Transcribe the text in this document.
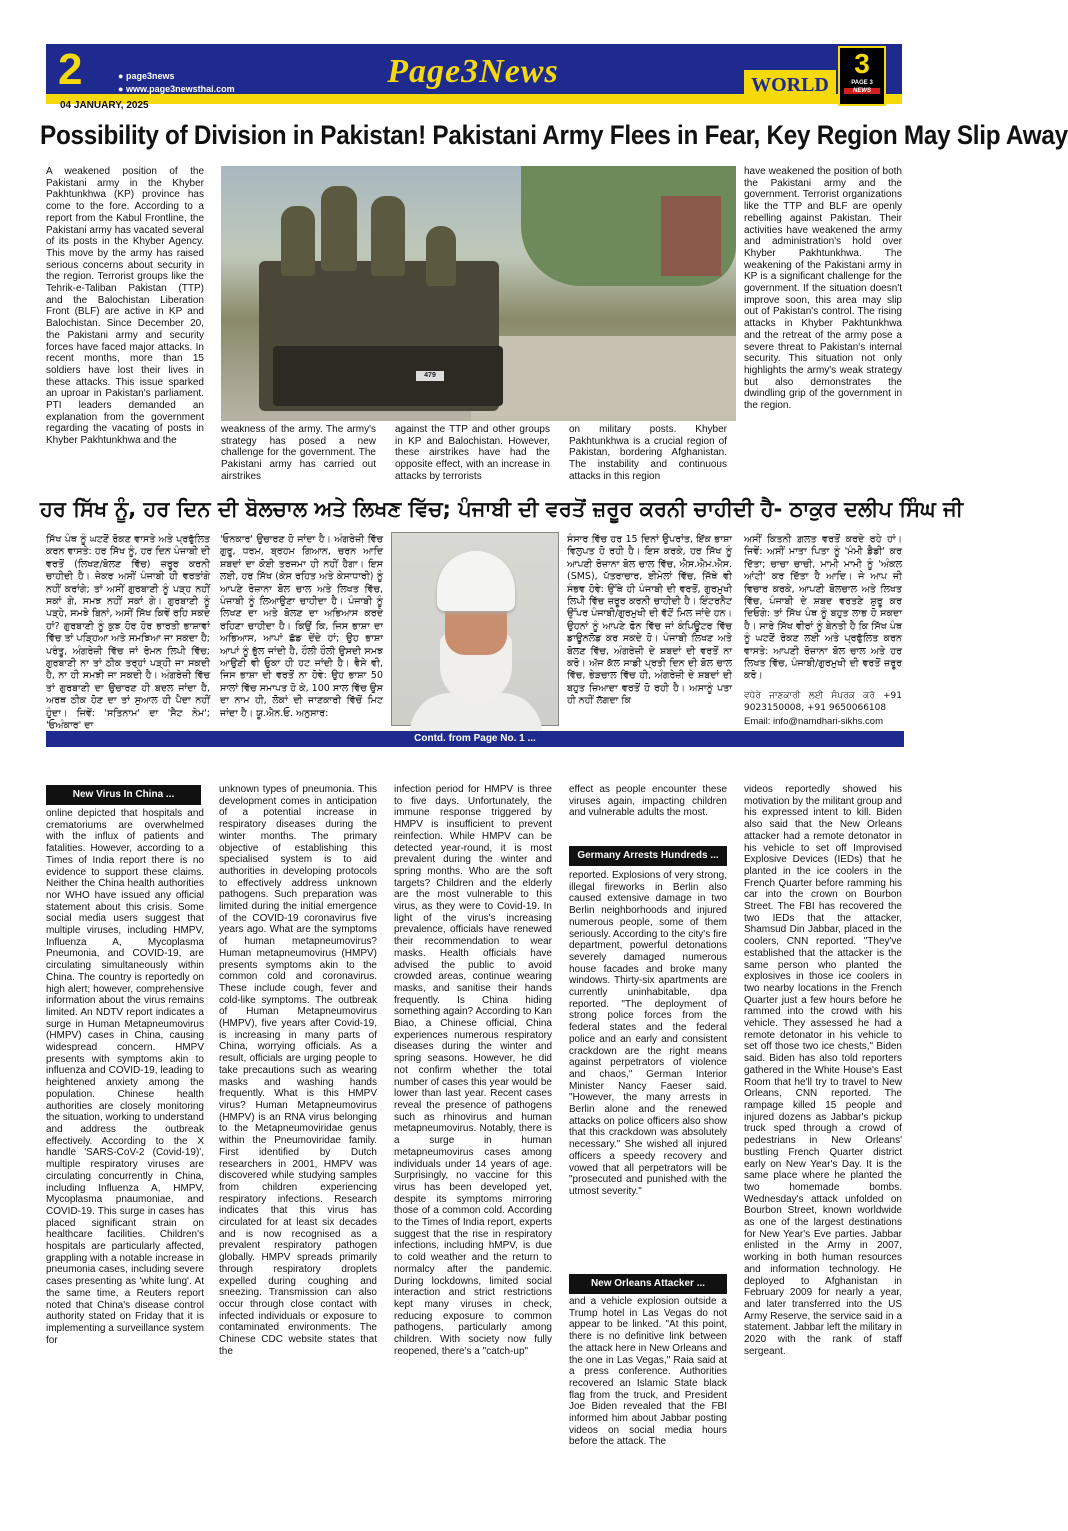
2	● page3news
● www.page3newsthai.com	Page3News	WORLD
3
PAGE 3
NEWS
04 JANUARY, 2025
Possibility of Division in Pakistan! Pakistani Army Flees in Fear, Key Region May Slip Away
A weakened position of the Pakistani army in the Khyber Pakhtunkhwa (KP) province has come to the fore. According to a report from the Kabul Frontline, the Pakistani army has vacated several of its posts in the Khyber Agency. This move by the army has raised serious concerns about security in the region. Terrorist groups like the Tehrik-e-Taliban Pakistan (TTP) and the Balochistan Liberation Front (BLF) are active in KP and Balochistan. Since December 20, the Pakistani army and security forces have faced major attacks. In recent months, more than 15 soldiers have lost their lives in these attacks. This issue sparked an uproar in Pakistan's parliament. PTI leaders demanded an explanation from the government regarding the vacating of posts in Khyber Pakhtunkhwa and the
479
weakness of the army. The army's strategy has posed a new challenge for the government. The Pakistani army has carried out airstrikes
against the TTP and other groups in KP and Balochistan. However, these airstrikes have had the opposite effect, with an increase in attacks by terrorists
on military posts. Khyber Pakhtunkhwa is a crucial region of Pakistan, bordering Afghanistan. The instability and continuous attacks in this region
have weakened the position of both the Pakistani army and the government. Terrorist organizations like the TTP and BLF are openly rebelling against Pakistan. Their activities have weakened the army and administration's hold over Khyber Pakhtunkhwa. The weakening of the Pakistani army in KP is a significant challenge for the government. If the situation doesn't improve soon, this area may slip out of Pakistan's control. The rising attacks in Khyber Pakhtunkhwa and the retreat of the army pose a severe threat to Pakistan's internal security. This situation not only highlights the army's weak strategy but also demonstrates the dwindling grip of the government in the region.
ਹਰ ਸਿੱਖ ਨੂੰ, ਹਰ ਦਿਨ ਦੀ ਬੋਲਚਾਲ ਅਤੇ ਲਿਖਣ ਵਿੱਚ; ਪੰਜਾਬੀ ਦੀ ਵਰਤੋਂ ਜ਼ਰੂਰ ਕਰਨੀ ਚਾਹੀਦੀ ਹੈ- ਠਾਕੁਰ ਦਲੀਪ ਸਿੰਘ ਜੀ
ਸਿੱਖ ਪੰਥ ਨੂੰ ਘਟਣੋਂ ਰੋਕਣ ਵਾਸਤੇ ਅਤੇ ਪ੍ਰਫੁੱਲਿਤ ਕਰਨ ਵਾਸਤੇ: ਹਰ ਸਿੱਖ ਨੂੰ, ਹਰ ਦਿਨ ਪੰਜਾਬੀ ਦੀ ਵਰਤੋਂ (ਲਿਖਣ/ਬੋਲਣ ਵਿੱਚ) ਜ਼ਰੂਰ ਕਰਨੀ ਚਾਹੀਦੀ ਹੈ। ਜੇਕਰ ਅਸੀਂ ਪੰਜਾਬੀ ਹੀ ਵਰਤਾਂਗੇ ਨਹੀਂ ਕਰਾਂਗੇ; ਤਾਂ ਅਸੀਂ ਗੁਰਬਾਣੀ ਨੂੰ ਪੜ੍ਹ ਨਹੀਂ ਸਕਾਂ ਗੇ, ਸਮਝ ਨਹੀਂ ਸਕਾਂ ਗੇ। ਗੁਰਬਾਣੀ ਨੂੰ ਪੜ੍ਹੇ, ਸਮਝੇ ਬਿਨਾਂ, ਅਸੀਂ ਸਿੱਖ ਕਿਵੇਂ ਰਹਿ ਸਕਦੇ ਹਾਂ? ਗੁਰਬਾਣੀ ਨੂੰ ਕੁਝ ਹੋਰ ਹੋਰ ਭਾਰਤੀ ਭਾਸ਼ਾਵਾਂ ਵਿੱਚ ਤਾਂ ਪੜ੍ਹਿਆ ਅਤੇ ਸਮਝਿਆ ਜਾ ਸਕਦਾ ਹੈ; ਪਰੰਤੂ, ਅੰਗਰੇਜ਼ੀ ਵਿੱਚ ਜਾਂ ਰੋਮਨ ਲਿਪੀ ਵਿੱਚ; ਗੁਰਬਾਣੀ ਨਾ ਤਾਂ ਠੀਕ ਤਰ੍ਹਾਂ ਪੜ੍ਹੀ ਜਾ ਸਕਦੀ ਹੈ, ਨਾ ਹੀ ਸਮਝੀ ਜਾ ਸਕਦੀ ਹੈ। ਅੰਗਰੇਜ਼ੀ ਵਿੱਚ ਤਾਂ ਗੁਰਬਾਣੀ ਦਾ ਉਚਾਰਣ ਹੀ ਬਦਲ ਜਾਂਦਾ ਹੈ, ਅਰਥ ਠੀਕ ਹੋਣ ਦਾ ਤਾਂ ਸੁਆਲ ਹੀ ਪੈਦਾ ਨਹੀਂ ਹੁੰਦਾ। ਜਿਵੇਂ: 'ਸਤਿਨਾਮ' ਦਾ 'ਸੈਟ ਨੇਮ'; 'ਓਅੰਕਾਰ' ਦਾ
'ਓਨਕਾਰ' ਉਚਾਰਣ ਹੋ ਜਾਂਦਾ ਹੈ। ਅੰਗਰੇਜ਼ੀ ਵਿੱਚ ਗੁਰੂ, ਧਰਮ, ਬ੍ਰਹਮ ਗਿਆਨ, ਚਰਨ ਆਦਿ ਸ਼ਬਦਾਂ ਦਾ ਕੋਈ ਤਰਜਮਾ ਹੀ ਨਹੀਂ ਹੈਗਾ। ਇਸ ਲਈ, ਹਰ ਸਿੱਖ (ਕੇਸ ਰਹਿਤ ਅਤੇ ਕੇਸਾਧਾਰੀ) ਨੂੰ ਆਪਣੇ ਰੋਜ਼ਾਨਾ ਬੋਲ ਚਾਲ ਅਤੇ ਲਿਖਤ ਵਿੱਚ, ਪੰਜਾਬੀ ਨੂੰ ਲਿਆਉਣਾ ਚਾਹੀਦਾ ਹੈ। ਪੰਜਾਬੀ ਨੂੰ ਲਿਖਣ ਦਾ ਅਤੇ ਬੋਲਣ ਦਾ ਅਭਿਆਸ ਕਰਦੇ ਰਹਿਣਾ ਚਾਹੀਦਾ ਹੈ। ਕਿਉਂ ਕਿ, ਜਿਸ ਭਾਸ਼ਾ ਦਾ ਅਭਿਆਸ, ਆਪਾਂ ਛੱਡ ਦੇਂਦੇ ਹਾਂ; ਉਹ ਭਾਸ਼ਾ ਆਪਾਂ ਨੂੰ ਭੁੱਲ ਜਾਂਦੀ ਹੈ, ਹੌਲੀ ਹੌਲੀ ਉਸਦੀ ਸਮਝ ਆਉਣੀ ਵੀ ਓੁਕਾ ਹੀ ਹਟ ਜਾਂਦੀ ਹੈ। ਵੈਸੇ ਵੀ, ਜਿਸ ਭਾਸ਼ਾ ਦੀ ਵਰਤੋਂ ਨਾ ਹੋਵੇ: ਉਹ ਭਾਸ਼ਾ 50 ਸਾਲਾਂ ਵਿੱਚ ਸਮਾਪਤ ਹੋ ਕੇ, 100 ਸਾਲ ਵਿੱਚ ਉਸ ਦਾ ਨਾਮ ਹੀ, ਲੋਕਾਂ ਦੀ ਜਾਣਕਾਰੀ ਵਿੱਚੋਂ ਮਿਟ ਜਾਂਦਾ ਹੈ। ਯੂ.ਐਨ.ਓ. ਅਨੁਸਾਰ:
ਸੰਸਾਰ ਵਿੱਚ ਹਰ 15 ਦਿਨਾਂ ਉਪਰਾਂਤ, ਇੱਕ ਭਾਸ਼ਾ ਵਿਲੁਪਤ ਹੋ ਰਹੀ ਹੈ। ਇਸ ਕਰਕੇ, ਹਰ ਸਿੱਖ ਨੂੰ ਆਪਣੀ ਰੋਜ਼ਾਨਾ ਬੋਲ ਚਾਲ ਵਿੱਚ, ਐਸ.ਐਮ.ਐਸ. (SMS), ਪੱਤਰਾਚਾਰ, ਈਮੇਲਾਂ ਵਿੱਚ, ਜਿੱਥੇ ਵੀ ਸੰਭਵ ਹੋਵੇ: ਉੱਥੇ ਹੀ ਪੰਜਾਬੀ ਦੀ ਵਰਤੋਂ, ਗੁਰਮੁਖੀ ਲਿਪੀ ਵਿੱਚ ਜ਼ਰੂਰ ਕਰਨੀ ਚਾਹੀਦੀ ਹੈ। ਇੰਟਰਨੈਟ ਉੱਪਰ ਪੰਜਾਬੀ/ਗੁਰਮੁਖੀ ਦੀ ਵੱਟੋਂ ਮਿਲ ਜਾਂਦੇ ਹਨ। ਉਹਨਾਂ ਨੂੰ ਆਪਣੇ ਫੋਨ ਵਿੱਚ ਜਾਂ ਕੰਪਿਊਟਰ ਵਿੱਚ ਡਾਊਨਲੋਡ ਕਰ ਸਕਦੇ ਹੋ। ਪੰਜਾਬੀ ਲਿਖਣ ਅਤੇ ਬੋਲਣ ਵਿੱਚ, ਅੰਗਰੇਜ਼ੀ ਦੇ ਸ਼ਬਦਾਂ ਦੀ ਵਰਤੋਂ ਨਾ ਕਰੋ। ਅੱਜ ਕੱਲ ਸਾਡੀ ਪ੍ਰਤੀ ਦਿਨ ਦੀ ਬੋਲ ਚਾਲ ਵਿੱਚ, ਭੇੜਚਾਲ ਵਿੱਚ ਹੀ, ਅੰਗਰੇਜ਼ੀ ਦੇ ਸ਼ਬਦਾਂ ਦੀ ਬਹੁਤ ਜ਼ਿਆਦਾ ਵਰਤੋਂ ਹੋ ਰਹੀ ਹੈ। ਅਸਾਨੂੰ ਪਤਾ ਹੀ ਨਹੀਂ ਲੱਗਦਾ ਕਿ
ਅਸੀਂ ਕਿਤਨੀ ਗ਼ਲਤ ਵਰਤੋਂ ਕਰਦੇ ਰਹੇ ਹਾਂ। ਜਿਵੇਂ: ਅਸੀਂ ਮਾਤਾ ਪਿਤਾ ਨੂੰ 'ਮੰਮੀ ਡੈਡੀ' ਕਰ ਦਿੱਤਾ; ਚਾਚਾ ਚਾਚੀ, ਮਾਮੀ ਮਾਮੀ ਨੂੰ 'ਅੰਕਲ ਆਂਟੀ' ਕਰ ਦਿੱਤਾ ਹੈ ਆਦਿ। ਜੇ ਆਪ ਜੀ ਵਿਚਾਰ ਕਰਕੇ, ਆਪਣੀ ਬੋਲਚਾਲ ਅਤੇ ਲਿਖਤ ਵਿੱਚ, ਪੰਜਾਬੀ ਦੇ ਸ਼ਬਦ ਵਰਤਣੇ ਸ਼ੁਰੂ ਕਰ ਦਿਓਗੇ: ਤਾਂ ਸਿੱਖ ਪੰਥ ਨੂੰ ਬਹੁਤ ਲਾਭ ਹੋ ਸਕਦਾ ਹੈ। ਸਾਰੇ ਸਿੱਖ ਵੀਰਾਂ ਨੂੰ ਬੇਨਤੀ ਹੈ ਕਿ ਸਿੱਖ ਪੰਥ ਨੂੰ ਘਟਣੋਂ ਰੋਕਣ ਲਈ ਅਤੇ ਪ੍ਰਫੁੱਲਿਤ ਕਰਨ ਵਾਸਤੇ: ਆਪਣੀ ਰੋਜ਼ਾਨਾ ਬੋਲ ਚਾਲ ਅਤੇ ਹਰ ਲਿਖਤ ਵਿੱਚ, ਪੰਜਾਬੀ/ਗੁਰਮੁਖੀ ਦੀ ਵਰਤੋਂ ਜ਼ਰੂਰ ਕਰੋ।
ਵਧੇਰੇ ਜਾਣਕਾਰੀ ਲਈ ਸੰਪਰਕ ਕਰੋ +91 9023150008, +91 9650066108
Email: info@namdhari-sikhs.com
Contd. from Page No. 1 ...
New Virus In China ...
online depicted that hospitals and crematoriums are overwhelmed with the influx of patients and fatalities. However, according to a Times of India report there is no evidence to support these claims. Neither the China health authorities nor WHO have issued any official statement about this crisis. Some social media users suggest that multiple viruses, including HMPV, Influenza A, Mycoplasma Pneumonia, and COVID-19, are circulating simultaneously within China. The country is reportedly on high alert; however, comprehensive information about the virus remains limited. An NDTV report indicates a surge in Human Metapneumovirus (HMPV) cases in China, causing widespread concern. HMPV presents with symptoms akin to influenza and COVID-19, leading to heightened anxiety among the population. Chinese health authorities are closely monitoring the situation, working to understand and address the outbreak effectively. According to the X handle 'SARS-CoV-2 (Covid-19)', multiple respiratory viruses are circulating concurrently in China, including Influenza A, HMPV, Mycoplasma pnaumoniae, and COVID-19. This surge in cases has placed significant strain on healthcare facilities. Children's hospitals are particularly affected, grappling with a notable increase in pneumonia cases, including severe cases presenting as 'white lung'. At the same time, a Reuters report noted that China's disease control authority stated on Friday that it is implementing a surveillance system for
unknown types of pneumonia. This development comes in anticipation of a potential increase in respiratory diseases during the winter months. The primary objective of establishing this specialised system is to aid authorities in developing protocols to effectively address unknown pathogens. Such preparation was limited during the initial emergence of the COVID-19 coronavirus five years ago. What are the symptoms of human metapneumovirus? Human metapneumovirus (HMPV) presents symptoms akin to the common cold and coronavirus. These include cough, fever and cold-like symptoms. The outbreak of Human Metapneumovirus (HMPV), five years after Covid-19, is increasing in many parts of China, worrying officials. As a result, officials are urging people to take precautions such as wearing masks and washing hands frequently. What is this HMPV virus? Human Metapneumovirus (HMPV) is an RNA virus belonging to the Metapneumoviridae genus within the Pneumoviridae family. First identified by Dutch researchers in 2001, HMPV was discovered while studying samples from children experiencing respiratory infections. Research indicates that this virus has circulated for at least six decades and is now recognised as a prevalent respiratory pathogen globally. HMPV spreads primarily through respiratory droplets expelled during coughing and sneezing. Transmission can also occur through close contact with infected individuals or exposure to contaminated environments. The Chinese CDC website states that the
infection period for HMPV is three to five days. Unfortunately, the immune response triggered by HMPV is insufficient to prevent reinfection. While HMPV can be detected year-round, it is most prevalent during the winter and spring months. Who are the soft targets? Children and the elderly are the most vulnerable to this virus, as they were to Covid-19. In light of the virus's increasing prevalence, officials have renewed their recommendation to wear masks. Health officials have advised the public to avoid crowded areas, continue wearing masks, and sanitise their hands frequently. Is China hiding something again? According to Kan Biao, a Chinese official, China experiences numerous respiratory diseases during the winter and spring seasons. However, he did not confirm whether the total number of cases this year would be lower than last year. Recent cases reveal the presence of pathogens such as rhinovirus and human metapneumovirus. Notably, there is a surge in human metapneumovirus cases among individuals under 14 years of age. Surprisingly, no vaccine for this virus has been developed yet, despite its symptoms mirroring those of a common cold. According to the Times of India report, experts suggest that the rise in respiratory infections, including hMPV, is due to cold weather and the return to normalcy after the pandemic. During lockdowns, limited social interaction and strict restrictions kept many viruses in check, reducing exposure to common pathogens, particularly among children. With society now fully reopened, there's a "catch-up"
effect as people encounter these viruses again, impacting children and vulnerable adults the most.
Germany Arrests Hundreds ...
reported. Explosions of very strong, illegal fireworks in Berlin also caused extensive damage in two Berlin neighborhoods and injured numerous people, some of them seriously. According to the city's fire department, powerful detonations severely damaged numerous house facades and broke many windows. Thirty-six apartments are currently uninhabitable, dpa reported. "The deployment of strong police forces from the federal states and the federal police and an early and consistent crackdown are the right means against perpetrators of violence and chaos," German Interior Minister Nancy Faeser said. "However, the many arrests in Berlin alone and the renewed attacks on police officers also show that this crackdown was absolutely necessary." She wished all injured officers a speedy recovery and vowed that all perpetrators will be "prosecuted and punished with the utmost severity."
New Orleans Attacker ...
and a vehicle explosion outside a Trump hotel in Las Vegas do not appear to be linked. "At this point, there is no definitive link between the attack here in New Orleans and the one in Las Vegas," Raia said at a press conference. Authorities recovered an Islamic State black flag from the truck, and President Joe Biden revealed that the FBI informed him about Jabbar posting videos on social media hours before the attack. The
videos reportedly showed his motivation by the militant group and his expressed intent to kill. Biden also said that the New Orleans attacker had a remote detonator in his vehicle to set off Improvised Explosive Devices (IEDs) that he planted in the ice coolers in the French Quarter before ramming his car into the crown on Bourbon Street. The FBI has recovered the two IEDs that the attacker, Shamsud Din Jabbar, placed in the coolers, CNN reported. "They've established that the attacker is the same person who planted the explosives in those ice coolers in two nearby locations in the French Quarter just a few hours before he rammed into the crowd with his vehicle. They assessed he had a remote detonator in his vehicle to set off those two ice chests," Biden said. Biden has also told reporters gathered in the White House's East Room that he'll try to travel to New Orleans, CNN reported. The rampage killed 15 people and injured dozens as Jabbar's pickup truck sped through a crowd of pedestrians in New Orleans' bustling French Quarter district early on New Year's Day. It is the same place where he planted the two homemade bombs. Wednesday's attack unfolded on Bourbon Street, known worldwide as one of the largest destinations for New Year's Eve parties. Jabbar enlisted in the Army in 2007, working in both human resources and information technology. He deployed to Afghanistan in February 2009 for nearly a year, and later transferred into the US Army Reserve, the service said in a statement. Jabbar left the military in 2020 with the rank of staff sergeant.
